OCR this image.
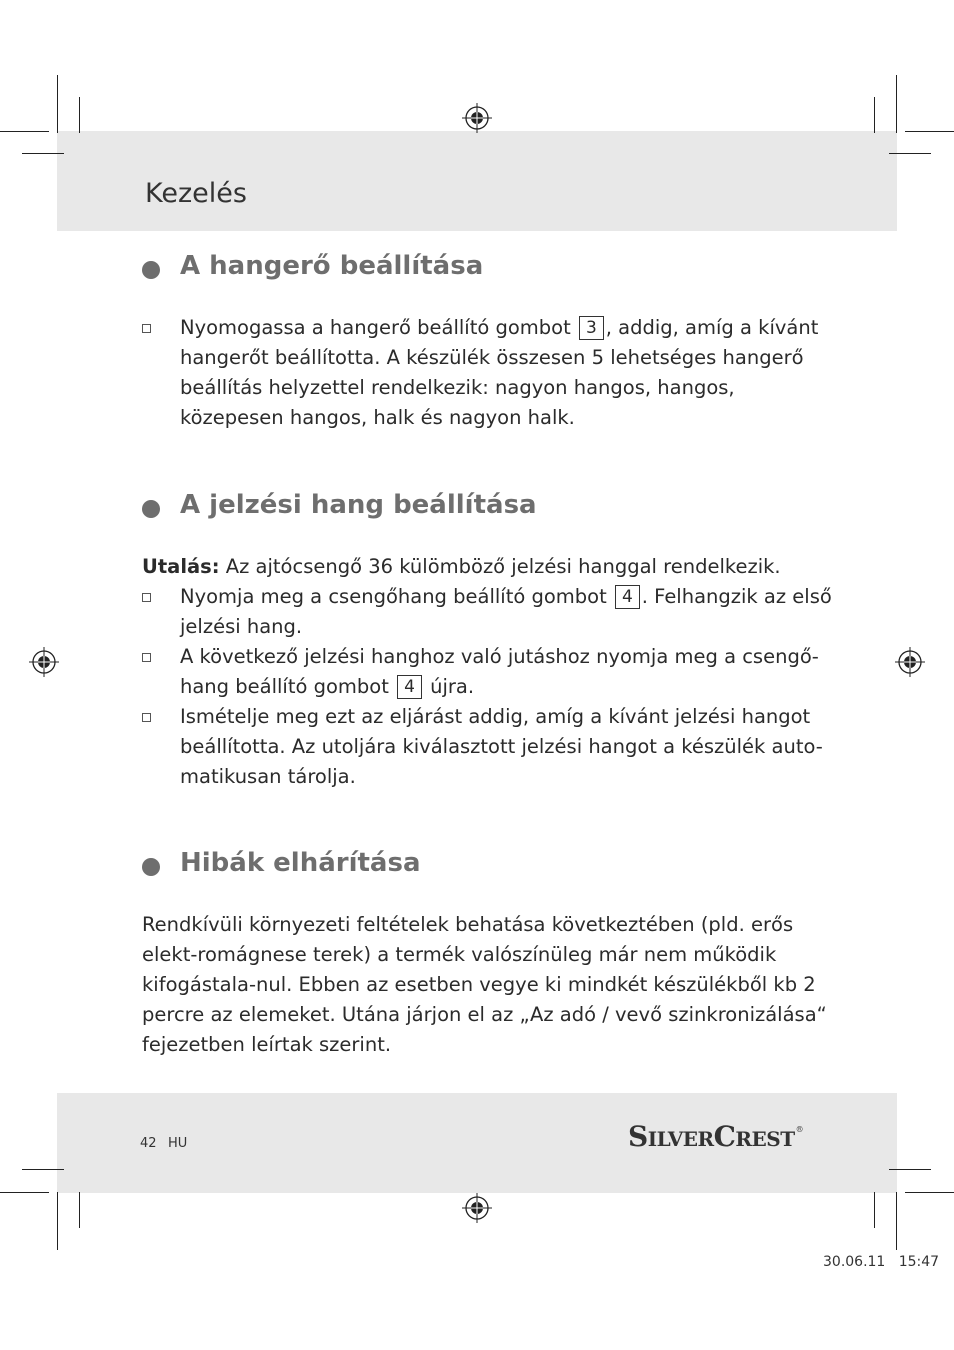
Kezelés
A hangerő beállítása

Nyomogassa a hangerő beállító gombot 3 , addig, amíg a kívánt hangerőt beállította. A készülék összesen 5 lehetséges hangerő beállítás helyzettel rendelkezik: nagyon hangos, hangos, közepesen hangos, halk és nagyon halk.

A jelzési hang beállítása

Utalás: Az ajtócsengő 36 külömböző jelzési hanggal rendelkezik.

Nyomja meg a csengőhang beállító gombot 4 . Felhangzik az első jelzési hang.

A következő jelzési hanghoz való jutáshoz nyomja meg a csengő-hang beállító gombot 4 újra.

Ismételje meg ezt az eljárást addig, amíg a kívánt jelzési hangot beállította. Az utoljára kiválasztott jelzési hangot a készülék auto-matikusan tárolja.

Hibák elhárítása

Rendkívüli környezeti feltételek behatása következtében (pld. erős elekt-romágnese terek) a termék valószínüleg már nem működik kifogástala-nul. Ebben az esetben vegye ki mindkét készülékből kb 2 percre az elemeket. Utána járjon el az „Az adó / vevő szinkronizálása“ fejezetben leírtak szerint.

42 HU	SilverCrest®
30.06.11   15:47
